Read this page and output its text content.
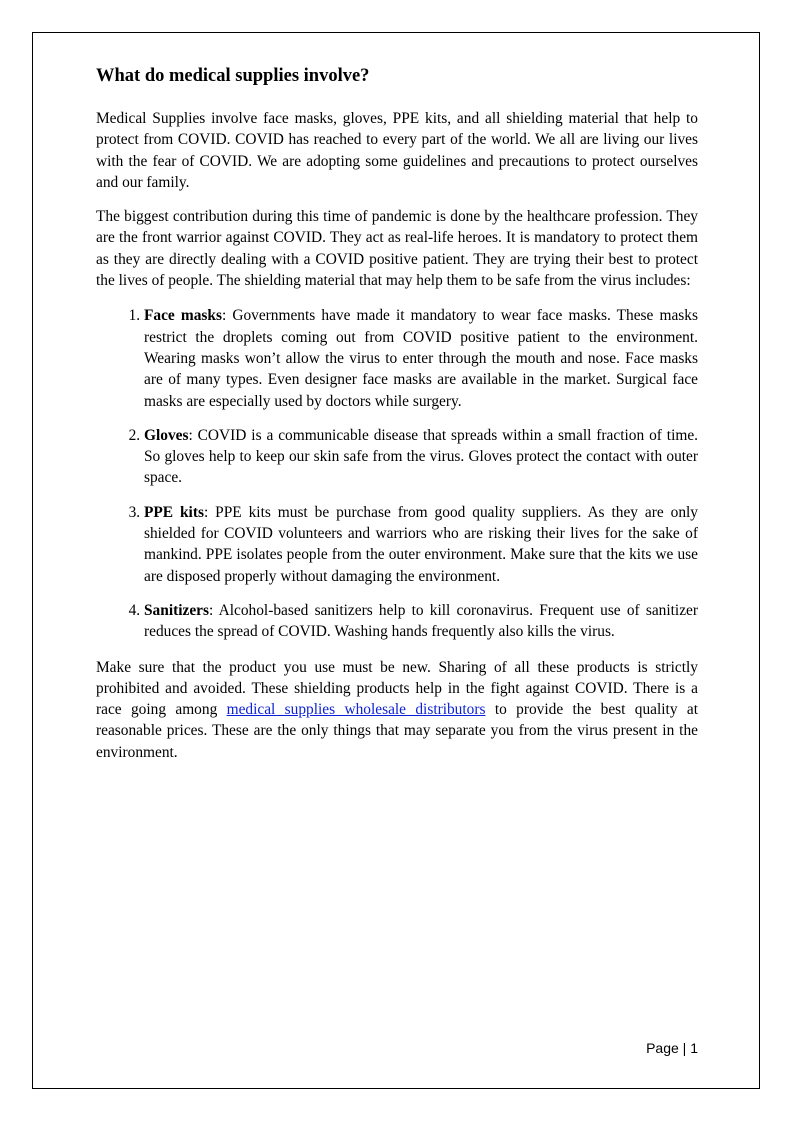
What do medical supplies involve?

Medical Supplies involve face masks, gloves, PPE kits, and all shielding material that help to protect from COVID. COVID has reached to every part of the world. We all are living our lives with the fear of COVID. We are adopting some guidelines and precautions to protect ourselves and our family.

The biggest contribution during this time of pandemic is done by the healthcare profession. They are the front warrior against COVID. They act as real-life heroes. It is mandatory to protect them as they are directly dealing with a COVID positive patient. They are trying their best to protect the lives of people. The shielding material that may help them to be safe from the virus includes:

1. Face masks: Governments have made it mandatory to wear face masks. These masks restrict the droplets coming out from COVID positive patient to the environment. Wearing masks won’t allow the virus to enter through the mouth and nose. Face masks are of many types. Even designer face masks are available in the market. Surgical face masks are especially used by doctors while surgery.
2. Gloves: COVID is a communicable disease that spreads within a small fraction of time. So gloves help to keep our skin safe from the virus. Gloves protect the contact with outer space.
3. PPE kits: PPE kits must be purchase from good quality suppliers. As they are only shielded for COVID volunteers and warriors who are risking their lives for the sake of mankind. PPE isolates people from the outer environment. Make sure that the kits we use are disposed properly without damaging the environment.
4. Sanitizers: Alcohol-based sanitizers help to kill coronavirus. Frequent use of sanitizer reduces the spread of COVID. Washing hands frequently also kills the virus.

Make sure that the product you use must be new. Sharing of all these products is strictly prohibited and avoided. These shielding products help in the fight against COVID. There is a race going among medical supplies wholesale distributors to provide the best quality at reasonable prices. These are the only things that may separate you from the virus present in the environment.

Page | 1
